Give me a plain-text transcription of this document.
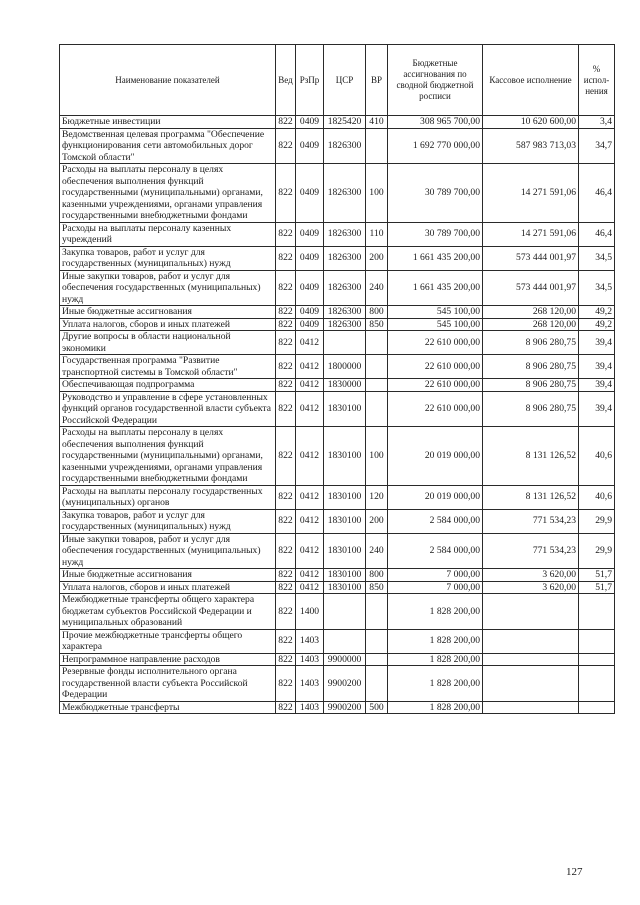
Наименование показателей	Вед	РзПр	ЦСР	ВР	Бюджетные ассигнования по сводной бюджетной росписи	Кассовое исполнение	% испол-нения
Бюджетные инвестиции	822	0409	1825420	410	308 965 700,00	10 620 600,00	3,4
Ведомственная целевая программа "Обеспечение функционирования сети автомобильных дорог Томской области"	822	0409	1826300		1 692 770 000,00	587 983 713,03	34,7
Расходы на выплаты персоналу в целях обеспечения выполнения функций государственными (муниципальными) органами, казенными учреждениями, органами управления государственными внебюджетными фондами	822	0409	1826300	100	30 789 700,00	14 271 591,06	46,4
Расходы на выплаты персоналу казенных учреждений	822	0409	1826300	110	30 789 700,00	14 271 591,06	46,4
Закупка товаров, работ и услуг для государственных (муниципальных) нужд	822	0409	1826300	200	1 661 435 200,00	573 444 001,97	34,5
Иные закупки товаров, работ и услуг для обеспечения государственных (муниципальных) нужд	822	0409	1826300	240	1 661 435 200,00	573 444 001,97	34,5
Иные бюджетные ассигнования	822	0409	1826300	800	545 100,00	268 120,00	49,2
Уплата налогов, сборов и иных платежей	822	0409	1826300	850	545 100,00	268 120,00	49,2
Другие вопросы в области национальной экономики	822	0412			22 610 000,00	8 906 280,75	39,4
Государственная программа "Развитие транспортной системы в Томской области"	822	0412	1800000		22 610 000,00	8 906 280,75	39,4
Обеспечивающая подпрограмма	822	0412	1830000		22 610 000,00	8 906 280,75	39,4
Руководство и управление в сфере установленных функций органов государственной власти субъекта Российской Федерации	822	0412	1830100		22 610 000,00	8 906 280,75	39,4
Расходы на выплаты персоналу в целях обеспечения выполнения функций государственными (муниципальными) органами, казенными учреждениями, органами управления государственными внебюджетными фондами	822	0412	1830100	100	20 019 000,00	8 131 126,52	40,6
Расходы на выплаты персоналу государственных (муниципальных) органов	822	0412	1830100	120	20 019 000,00	8 131 126,52	40,6
Закупка товаров, работ и услуг для государственных (муниципальных) нужд	822	0412	1830100	200	2 584 000,00	771 534,23	29,9
Иные закупки товаров, работ и услуг для обеспечения государственных (муниципальных) нужд	822	0412	1830100	240	2 584 000,00	771 534,23	29,9
Иные бюджетные ассигнования	822	0412	1830100	800	7 000,00	3 620,00	51,7
Уплата налогов, сборов и иных платежей	822	0412	1830100	850	7 000,00	3 620,00	51,7
Межбюджетные трансферты общего характера бюджетам субъектов Российской Федерации и муниципальных образований	822	1400			1 828 200,00		
Прочие межбюджетные трансферты общего характера	822	1403			1 828 200,00		
Непрограммное направление расходов	822	1403	9900000		1 828 200,00		
Резервные фонды исполнительного органа государственной власти субъекта Российской Федерации	822	1403	9900200		1 828 200,00		
Межбюджетные трансферты	822	1403	9900200	500	1 828 200,00		
127
